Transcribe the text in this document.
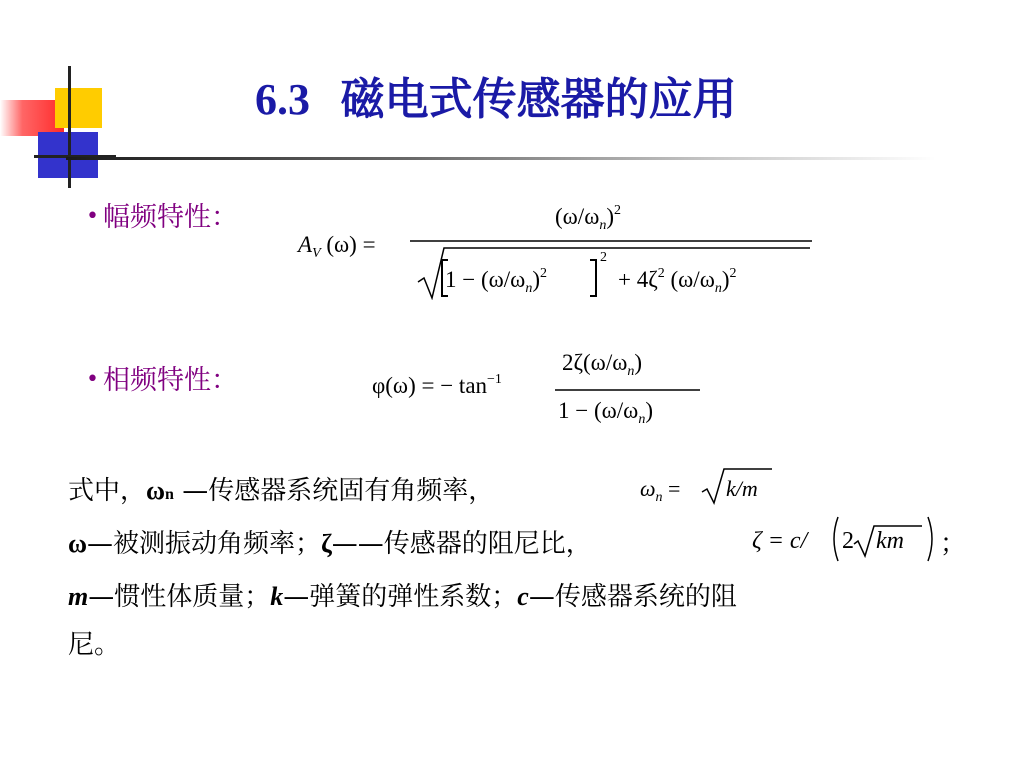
6.3 磁电式传感器的应用
• 幅频特性：
$A_V$ (ω) =
$(\omega/\omega_n)^2$
$1 - (\omega/\omega_n)^2$
2
+ $4\zeta^2$ $(\omega/\omega_n)^2$
• 相频特性：	φ(ω) = − $\tan^{-1}$
$2\zeta(\omega/\omega_n)$
$1 - (\omega/\omega_n)$
式中，ωn —传感器系统固有角频率，	$\omega_n = k/m$
ω—被测振动角频率；ζ——传感器的阻尼比，	ζ = c/ 2 km ；
m—惯性体质量；k—弹簧的弹性系数；c—传感器系统的阻
尼。
